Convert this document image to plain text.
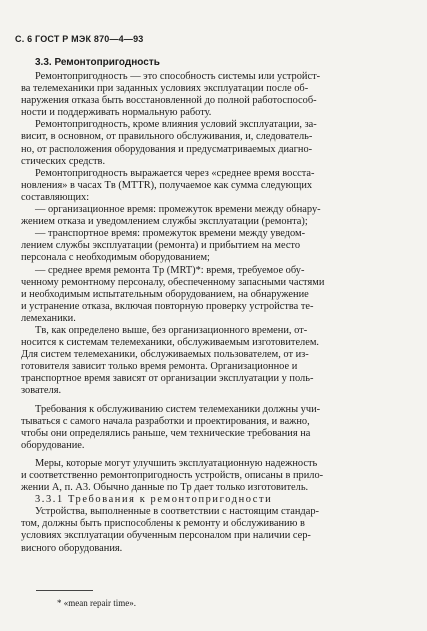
С. 6 ГОСТ Р МЭК 870—4—93
3.3. Ремонтопригодность
Ремонтопригодность — это способность системы или устройст-
ва телемеханики при заданных условиях эксплуатации после об-
наружения отказа быть восстановленной до полной работоспособ-
ности и поддерживать нормальную работу.
Ремонтопригодность, кроме влияния условий эксплуатации, за-
висит, в основном, от правильного обслуживания, и, следователь-
но, от расположения оборудования и предусматриваемых диагно-
стических средств.
Ремонтопригодность выражается через «среднее время восста-
новления» в часах Tв (MTTR), получаемое как сумма следующих
составляющих:
— организационное время: промежуток времени между обнару-
жением отказа и уведомлением службы эксплуатации (ремонта);
— транспортное время: промежуток времени между уведом-
лением службы эксплуатации (ремонта) и прибытием на место
персонала с необходимым оборудованием;
— среднее время ремонта Tр (MRT)*: время, требуемое обу-
ченному ремонтному персоналу, обеспеченному запасными частями
и необходимым испытательным оборудованием, на обнаружение
и устранение отказа, включая повторную проверку устройства те-
лемеханики.
Tв, как определено выше, без организационного времени, от-
носится к системам телемеханики, обслуживаемым изготовителем.
Для систем телемеханики, обслуживаемых пользователем, от из-
готовителя зависит только время ремонта. Организационное и
транспортное время зависят от организации эксплуатации у поль-
зователя.
Требования к обслуживанию систем телемеханики должны учи-
тываться с самого начала разработки и проектирования, и важно,
чтобы они определялись раньше, чем технические требования на
оборудование.
Меры, которые могут улучшить эксплуатационную надежность
и соответственно ремонтопригодность устройств, описаны в прило-
жении А, п. А3. Обычно данные по Tр дает только изготовитель.
3.3.1 Требования к ремонтопригодности
Устройства, выполненные в соответствии с настоящим стандар-
том, должны быть приспособлены к ремонту и обслуживанию в
условиях эксплуатации обученным персоналом при наличии сер-
висного оборудования.
* «mean repair time».
